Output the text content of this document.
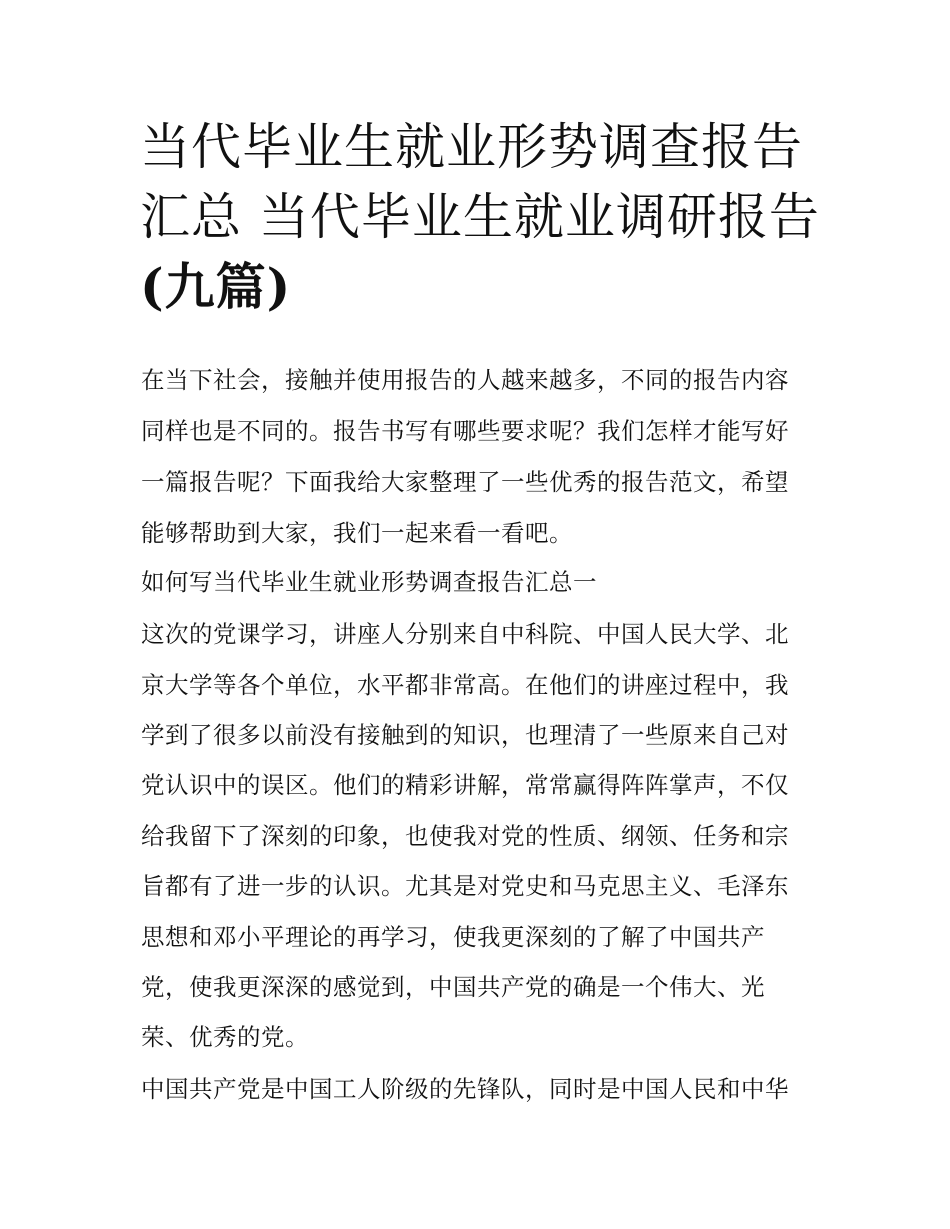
当代毕业生就业形势调查报告
汇总 当代毕业生就业调研报告
(九篇)
在当下社会，接触并使用报告的人越来越多，不同的报告内容
同样也是不同的。报告书写有哪些要求呢？我们怎样才能写好
一篇报告呢？下面我给大家整理了一些优秀的报告范文，希望
能够帮助到大家，我们一起来看一看吧。
如何写当代毕业生就业形势调查报告汇总一
这次的党课学习，讲座人分别来自中科院、中国人民大学、北
京大学等各个单位，水平都非常高。在他们的讲座过程中，我
学到了很多以前没有接触到的知识，也理清了一些原来自己对
党认识中的误区。他们的精彩讲解，常常赢得阵阵掌声，不仅
给我留下了深刻的印象，也使我对党的性质、纲领、任务和宗
旨都有了进一步的认识。尤其是对党史和马克思主义、毛泽东
思想和邓小平理论的再学习，使我更深刻的了解了中国共产
党，使我更深深的感觉到，中国共产党的确是一个伟大、光
荣、优秀的党。
中国共产党是中国工人阶级的先锋队，同时是中国人民和中华
